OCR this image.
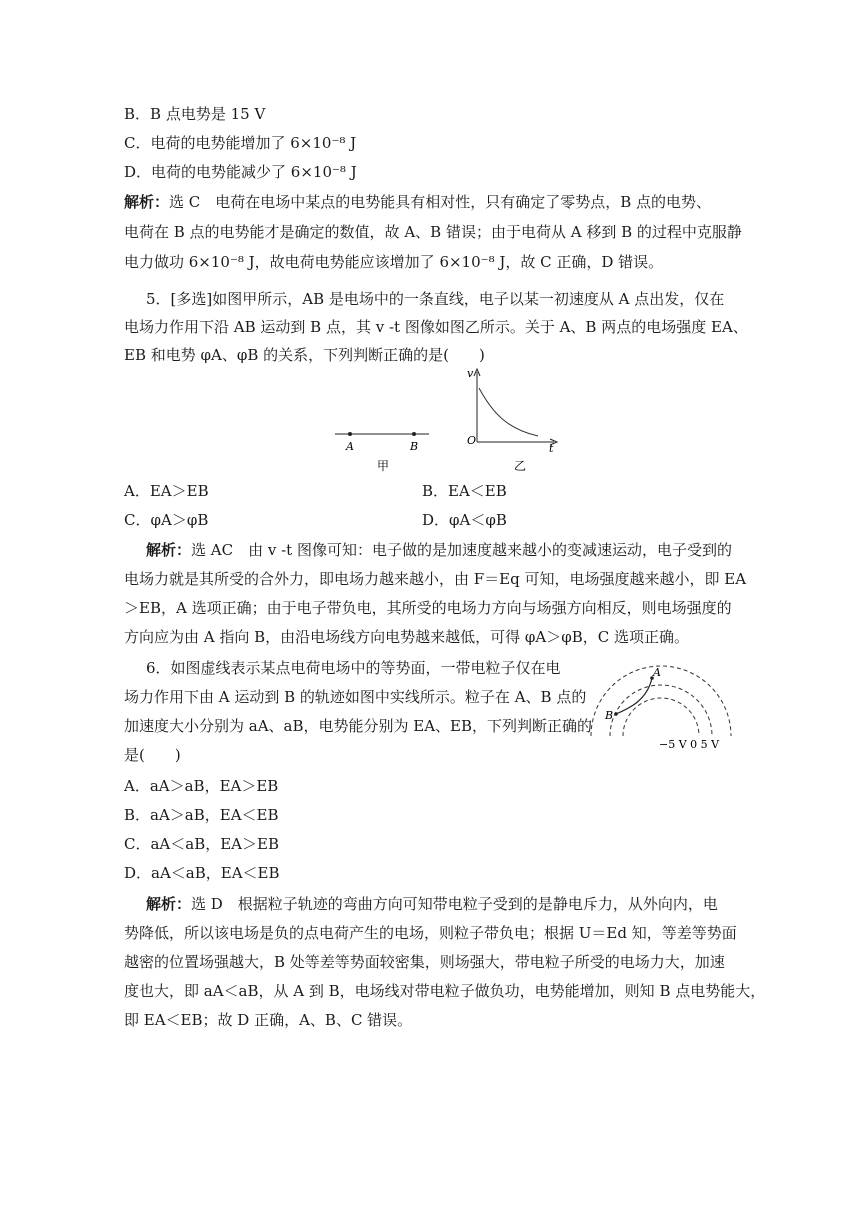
B．B 点电势是 15 V
C．电荷的电势能增加了 6×10⁻⁸ J
D．电荷的电势能减少了 6×10⁻⁸ J
解析：选 C　电荷在电场中某点的电势能具有相对性，只有确定了零势点，B 点的电势、
电荷在 B 点的电势能才是确定的数值，故 A、B 错误；由于电荷从 A 移到 B 的过程中克服静
电力做功 6×10⁻⁸ J，故电荷电势能应该增加了 6×10⁻⁸ J，故 C 正确，D 错误。
5．[多选]如图甲所示，AB 是电场中的一条直线，电子以某一初速度从 A 点出发，仅在
电场力作用下沿 AB 运动到 B 点，其 v -t 图像如图乙所示。关于 A、B 两点的电场强度 EA、
EB 和电势 φA、φB 的关系，下列判断正确的是(　　)
A	B
甲
v
O
t
乙
A．EA＞EB	B．EA＜EB
C．φA＞φB	D．φA＜φB
解析：选 AC　由 v -t 图像可知：电子做的是加速度越来越小的变减速运动，电子受到的
电场力就是其所受的合外力，即电场力越来越小，由 F＝Eq 可知，电场强度越来越小，即 EA
＞EB，A 选项正确；由于电子带负电，其所受的电场力方向与场强方向相反，则电场强度的
方向应为由 A 指向 B，由沿电场线方向电势越来越低，可得 φA＞φB，C 选项正确。
6．如图虚线表示某点电荷电场中的等势面，一带电粒子仅在电
场力作用下由 A 运动到 B 的轨迹如图中实线所示。粒子在 A、B 点的
加速度大小分别为 aA、aB，电势能分别为 EA、EB，下列判断正确的
是(　　)
A
B
−5 V 0 5 V
A．aA＞aB，EA＞EB
B．aA＞aB，EA＜EB
C．aA＜aB，EA＞EB
D．aA＜aB，EA＜EB
解析：选 D　根据粒子轨迹的弯曲方向可知带电粒子受到的是静电斥力，从外向内，电
势降低，所以该电场是负的点电荷产生的电场，则粒子带负电；根据 U＝Ed 知，等差等势面
越密的位置场强越大，B 处等差等势面较密集，则场强大，带电粒子所受的电场力大，加速
度也大，即 aA＜aB，从 A 到 B，电场线对带电粒子做负功，电势能增加，则知 B 点电势能大，
即 EA＜EB；故 D 正确，A、B、C 错误。
